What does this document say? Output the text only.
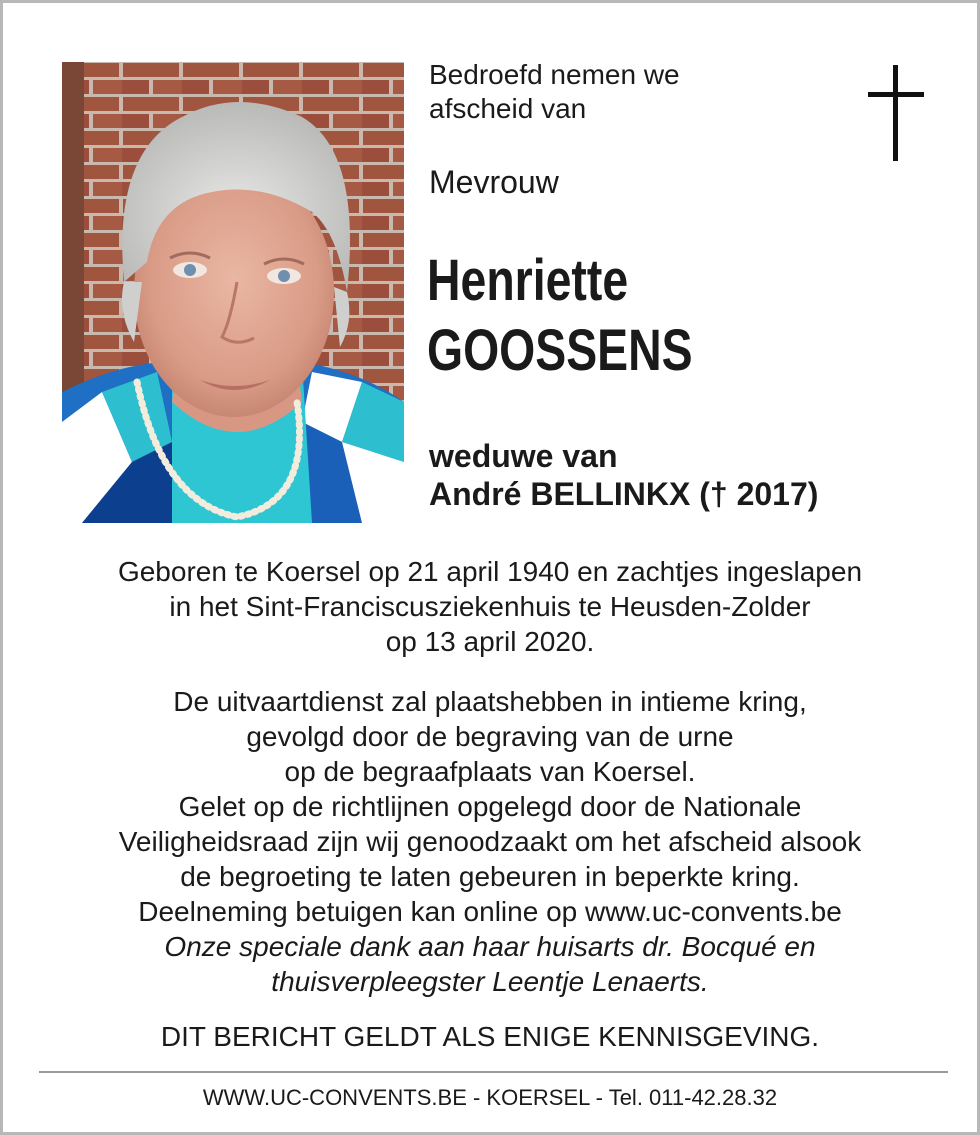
Bedroefd nemen we
afscheid van
Mevrouw
Henriette
GOOSSENS
weduwe van
André BELLINKX († 2017)
Geboren te Koersel op 21 april 1940 en zachtjes ingeslapen
in het Sint-Franciscusziekenhuis te Heusden-Zolder
op 13 april 2020.
De uitvaartdienst zal plaatshebben in intieme kring,
gevolgd door de begraving van de urne
op de begraafplaats van Koersel.
Gelet op de richtlijnen opgelegd door de Nationale
Veiligheidsraad zijn wij genoodzaakt om het afscheid alsook
de begroeting te laten gebeuren in beperkte kring.
Deelneming betuigen kan online op www.uc-convents.be
Onze speciale dank aan haar huisarts dr. Bocqué en
thuisverpleegster Leentje Lenaerts.
DIT BERICHT GELDT ALS ENIGE KENNISGEVING.
WWW.UC-CONVENTS.BE - KOERSEL - Tel. 011-42.28.32
